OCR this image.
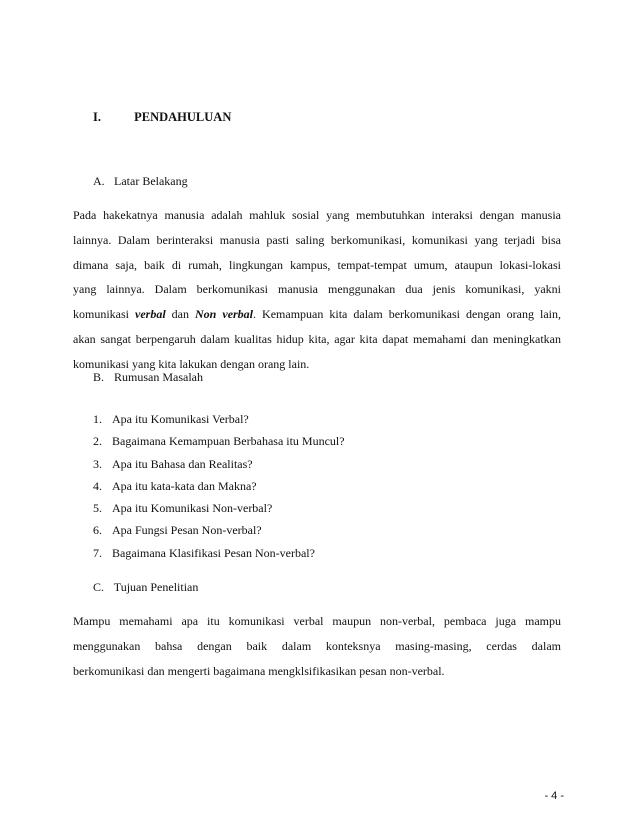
I.	PENDAHULUAN
A. Latar Belakang
Pada hakekatnya manusia adalah mahluk sosial yang membutuhkan interaksi dengan manusia
lainnya. Dalam berinteraksi manusia pasti saling berkomunikasi, komunikasi yang terjadi bisa
dimana saja, baik di rumah, lingkungan kampus, tempat-tempat umum, ataupun lokasi-lokasi
yang lainnya. Dalam berkomunikasi manusia menggunakan dua jenis komunikasi, yakni
komunikasi verbal dan Non verbal. Kemampuan kita dalam berkomunikasi dengan orang lain,
akan sangat berpengaruh dalam kualitas hidup kita, agar kita dapat memahami dan meningkatkan
komunikasi yang kita lakukan dengan orang lain.
B. Rumusan Masalah
1. Apa itu Komunikasi Verbal?
2. Bagaimana Kemampuan Berbahasa itu Muncul?
3. Apa itu Bahasa dan Realitas?
4. Apa itu kata-kata dan Makna?
5. Apa itu Komunikasi Non-verbal?
6. Apa Fungsi Pesan Non-verbal?
7. Bagaimana Klasifikasi Pesan Non-verbal?
C. Tujuan Penelitian
Mampu memahami apa itu komunikasi verbal maupun non-verbal, pembaca juga mampu
menggunakan bahsa dengan baik dalam konteksnya masing-masing, cerdas dalam
berkomunikasi dan mengerti bagaimana mengklsifikasikan pesan non-verbal.
- 4 -
